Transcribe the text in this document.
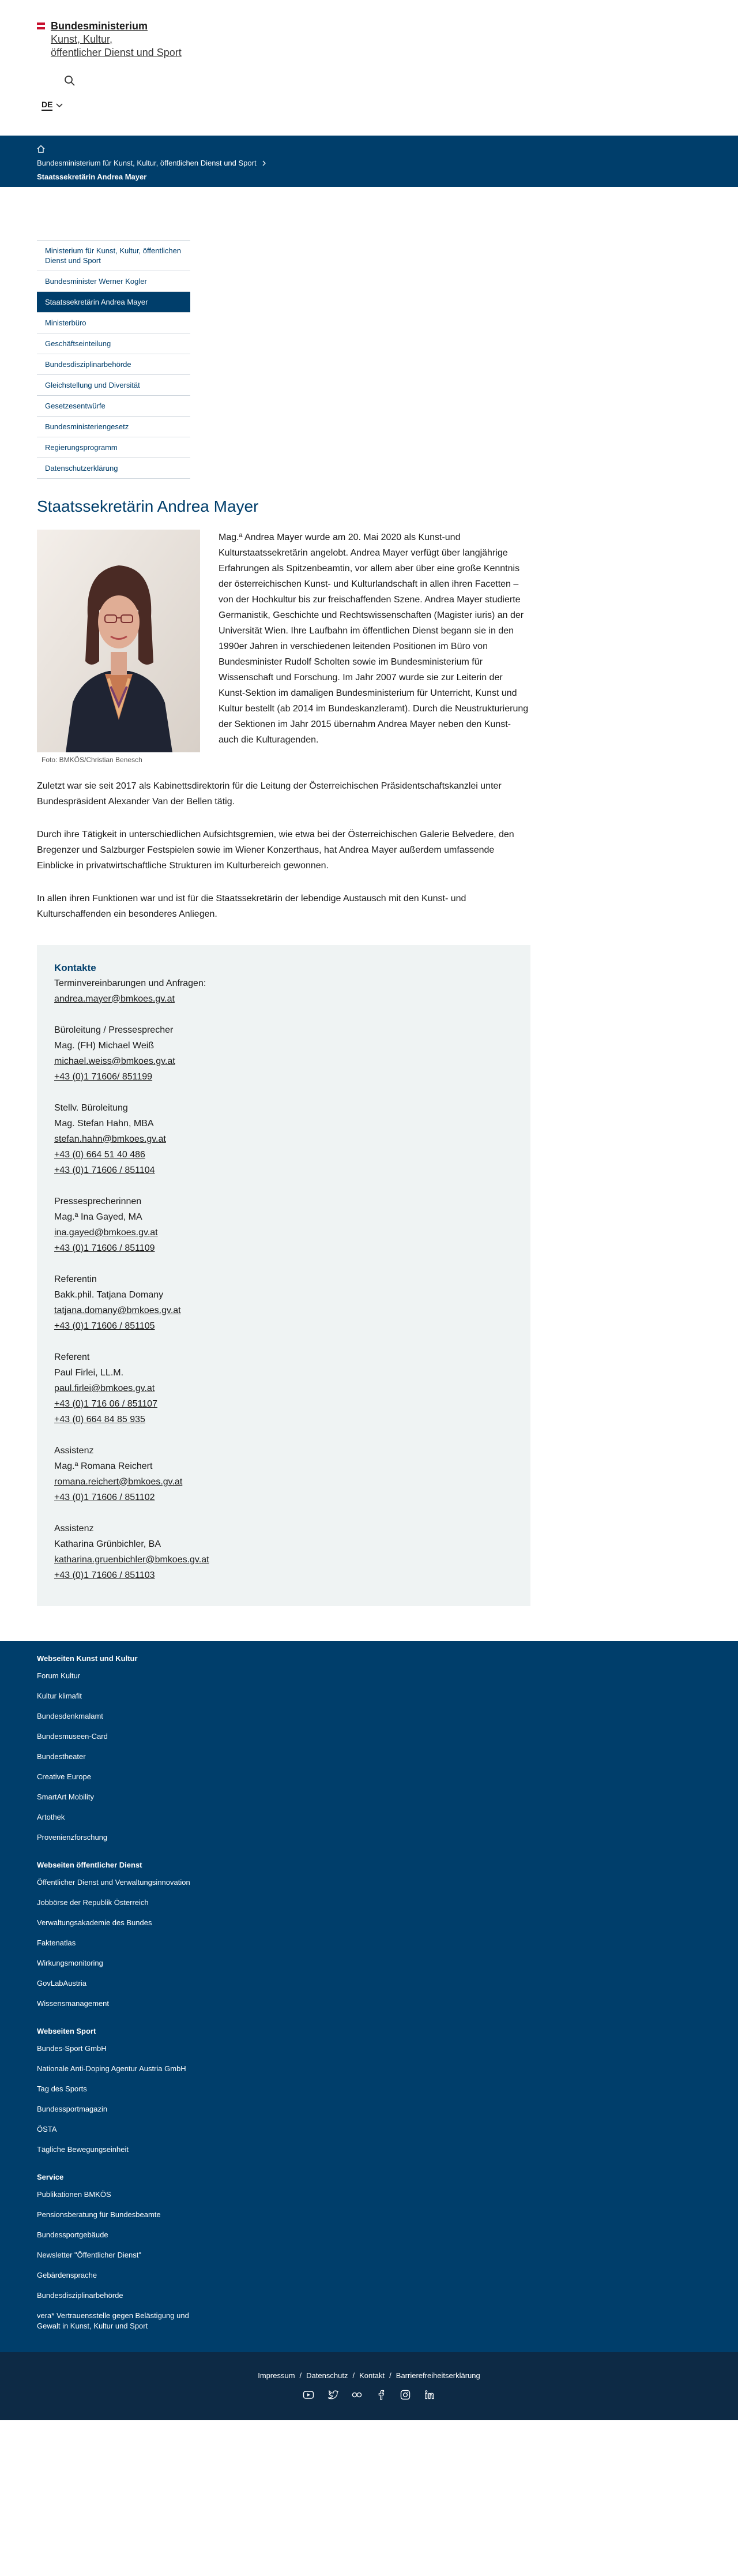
Bundesministerium
Kunst, Kultur,
öffentlicher Dienst und Sport
DE
Bundesministerium für Kunst, Kultur, öffentlichen Dienst und Sport
Staatssekretärin Andrea Mayer
Ministerium für Kunst, Kultur, öffentlichen Dienst und Sport
Bundesminister Werner Kogler
Staatssekretärin Andrea Mayer
Ministerbüro
Geschäftseinteilung
Bundesdisziplinarbehörde
Gleichstellung und Diversität
Gesetzesentwürfe
Bundesministeriengesetz
Regierungsprogramm
Datenschutzerklärung
Staatssekretärin Andrea Mayer
Foto: BMKÖS/Christian Benesch

Mag.ª Andrea Mayer wurde am 20. Mai 2020 als Kunst-und Kulturstaatssekretärin angelobt. Andrea Mayer verfügt über langjährige Erfahrungen als Spitzenbeamtin, vor allem aber über eine große Kenntnis der österreichischen Kunst- und Kulturlandschaft in allen ihren Facetten – von der Hochkultur bis zur freischaffenden Szene. Andrea Mayer studierte Germanistik, Geschichte und Rechtswissenschaften (Magister iuris) an der Universität Wien. Ihre Laufbahn im öffentlichen Dienst begann sie in den 1990er Jahren in verschiedenen leitenden Positionen im Büro von Bundesminister Rudolf Scholten sowie im Bundesministerium für Wissenschaft und Forschung. Im Jahr 2007 wurde sie zur Leiterin der Kunst-Sektion im damaligen Bundesministerium für Unterricht, Kunst und Kultur bestellt (ab 2014 im Bundeskanzleramt). Durch die Neustrukturierung der Sektionen im Jahr 2015 übernahm Andrea Mayer neben den Kunst- auch die Kulturagenden.

Zuletzt war sie seit 2017 als Kabinettsdirektorin für die Leitung der Österreichischen Präsidentschaftskanzlei unter Bundespräsident Alexander Van der Bellen tätig.

Durch ihre Tätigkeit in unterschiedlichen Aufsichtsgremien, wie etwa bei der Österreichischen Galerie Belvedere, den Bregenzer und Salzburger Festspielen sowie im Wiener Konzerthaus, hat Andrea Mayer außerdem umfassende Einblicke in privatwirtschaftliche Strukturen im Kulturbereich gewonnen.

In allen ihren Funktionen war und ist für die Staatssekretärin der lebendige Austausch mit den Kunst- und Kulturschaffenden ein besonderes Anliegen.

Kontakte
Terminvereinbarungen und Anfragen:
andrea.mayer@bmkoes.gv.at
Büroleitung / Pressesprecher
Mag. (FH) Michael Weiß
michael.weiss@bmkoes.gv.at
+43 (0)1 71606/ 851199
Stellv. Büroleitung
Mag. Stefan Hahn, MBA
stefan.hahn@bmkoes.gv.at
+43 (0) 664 51 40 486
+43 (0)1 71606 / 851104
Pressesprecherinnen
Mag.ª Ina Gayed, MA
ina.gayed@bmkoes.gv.at
+43 (0)1 71606 / 851109
Referentin
Bakk.phil. Tatjana Domany
tatjana.domany@bmkoes.gv.at
+43 (0)1 71606 / 851105
Referent
Paul Firlei, LL.M.
paul.firlei@bmkoes.gv.at
+43 (0)1 716 06 / 851107
+43 (0) 664 84 85 935
Assistenz
Mag.ª Romana Reichert
romana.reichert@bmkoes.gv.at
+43 (0)1 71606 / 851102
Assistenz
Katharina Grünbichler, BA
katharina.gruenbichler@bmkoes.gv.at
+43 (0)1 71606 / 851103
Webseiten Kunst und Kultur
Forum Kultur
Kultur klimafit
Bundesdenkmalamt
Bundesmuseen-Card
Bundestheater
Creative Europe
SmartArt Mobility
Artothek
Provenienzforschung
Webseiten öffentlicher Dienst
Öffentlicher Dienst und Verwaltungsinnovation
Jobbörse der Republik Österreich
Verwaltungsakademie des Bundes
Faktenatlas
Wirkungsmonitoring
GovLabAustria
Wissensmanagement
Webseiten Sport
Bundes-Sport GmbH
Nationale Anti-Doping Agentur Austria GmbH
Tag des Sports
Bundessportmagazin
ÖSTA
Tägliche Bewegungseinheit
Service
Publikationen BMKÖS
Pensionsberatung für Bundesbeamte
Bundessportgebäude
Newsletter "Öffentlicher Dienst"
Gebärdensprache
Bundesdisziplinarbehörde
vera* Vertrauensstelle gegen Belästigung und Gewalt in Kunst, Kultur und Sport
Impressum / Datenschutz / Kontakt / Barrierefreiheitserklärung
